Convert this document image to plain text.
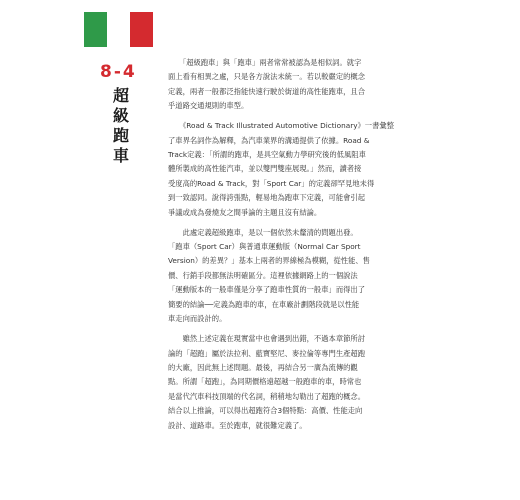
8-4
超
級
跑
車
　　「超級跑車」與「跑車」兩者常常被認為是相似詞。就字
面上看有相異之處，只是各方說法未統一。若以較嚴定的概念
定義，兩者一般都泛指能快速行駛於街道的高性能跑車，且合
乎道路交通規則的車型。
　　《Road & Track Illustrated Automotive Dictionary》一書彙整
了車界名詞作為解釋，為汽車業界的溝通提供了依據。Road &
Track定義：「所謂的跑車，是具空氣動力學研究後的低風阻車
體所製成的高性能汽車，並以雙門雙座展現。」然而，讀者接
受度高的Road & Track，對「Sport Car」的定義卻罕見地未得
到一致認同。說得誇張點，輕易地為跑車下定義，可能會引起
爭議或成為發燒友之間爭論的主題且沒有結論。
　　此處定義超級跑車，是以一個依然未釐清的問題出發。
「跑車（Sport Car）與普通車運動版（Normal Car Sport
Version）的差異？」基本上兩者的界線極為模糊，從性能、售
價、行銷手段都無法明確區分。這裡依據網路上的一個說法
「運動版本的一般車僅是分享了跑車性質的一般車」而得出了
簡要的結論──定義為跑車的車，在車廠計劃階段就是以性能
車走向而設計的。
　　雖然上述定義在現實當中也會遇到出錯，不過本章節所討
論的「超跑」屬於法拉利、藍寶堅尼、麥拉倫等專門生產超跑
的大廠，因此無上述問題。最後，再結合另一廣為流傳的觀
點。所謂「超跑」，為同期價格遠超越一般跑車的車，時常也
是當代汽車科技頂端的代名詞，稍稍地勾勒出了超跑的概念。
結合以上推論，可以得出超跑符合3個特點：高價、性能走向
設計、道路車。至於跑車，就很難定義了。
